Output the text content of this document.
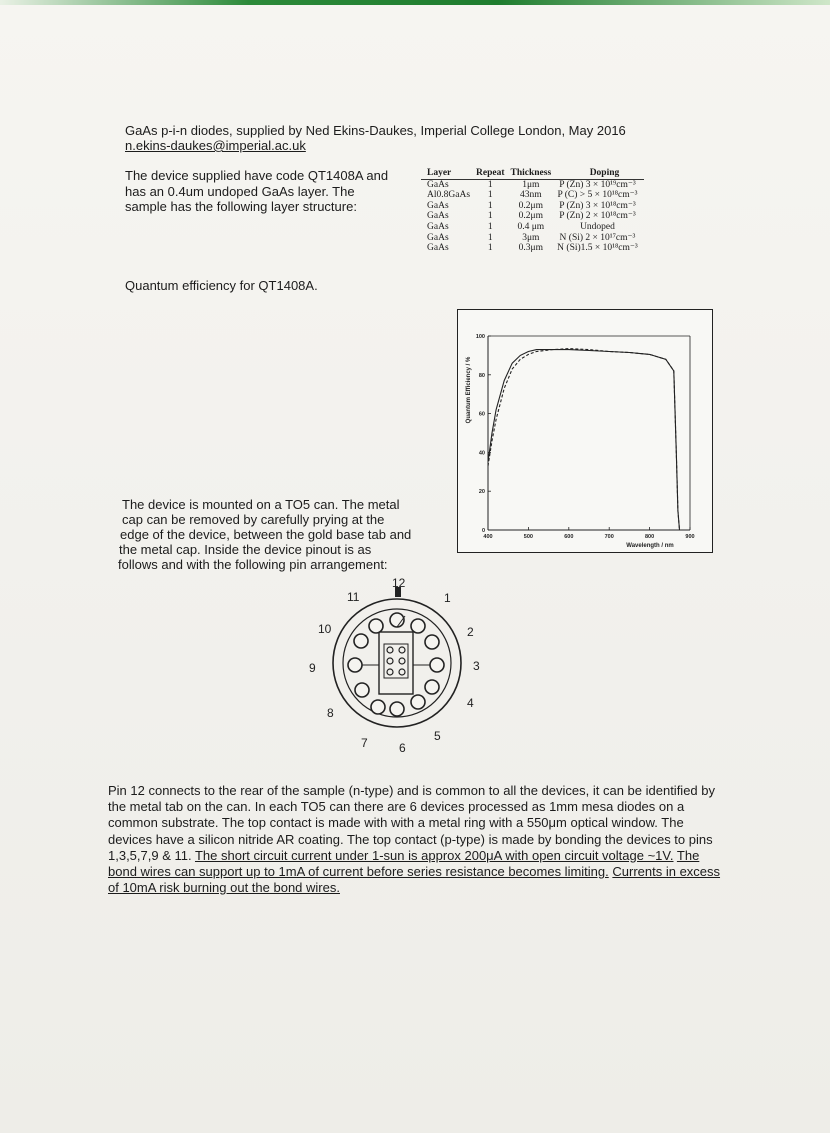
GaAs p-i-n diodes, supplied by Ned Ekins-Daukes, Imperial College London, May 2016
n.ekins-daukes@imperial.ac.uk
The device supplied have code QT1408A and
has an 0.4um undoped GaAs layer. The
sample has the following layer structure:
Layer	Repeat	Thickness	Doping
GaAs	1	1μm	P (Zn) 3 × 10¹⁹cm⁻³
Al0.8GaAs	1	43nm	P (C) > 5 × 10¹⁸cm⁻³
GaAs	1	0.2μm	P (Zn) 3 × 10¹⁸cm⁻³
GaAs	1	0.2μm	P (Zn) 2 × 10¹⁸cm⁻³
GaAs	1	0.4 μm	Undoped
GaAs	1	3μm	N (Si) 2 × 10¹⁷cm⁻³
GaAs	1	0.3μm	N (Si)1.5 × 10¹⁸cm⁻³
Quantum efficiency for QT1408A.
0
20
40
60
80
100
400	500	600	700	800	900
Quantum Efficiency / %
Wavelength / nm
The device is mounted on a TO5 can. The metal
cap can be removed by carefully prying at the
edge of the device, between the gold base tab and
the metal cap. Inside the device pinout is as
follows and with the following pin arrangement:
12
1
2
3
4
5
6
7
8
9
10
11
Pin 12 connects to the rear of the sample (n-type) and is common to all the devices, it can be identified by the metal tab on the can. In each TO5 can there are 6 devices processed as 1mm mesa diodes on a common substrate. The top contact is made with with a metal ring with a 550μm optical window. The devices have a silicon nitride AR coating. The top contact (p-type) is made by bonding the devices to pins 1,3,5,7,9 & 11. The short circuit current under 1-sun is approx 200μA with open circuit voltage ~1V. The bond wires can support up to 1mA of current before series resistance becomes limiting. Currents in excess of 10mA risk burning out the bond wires.
